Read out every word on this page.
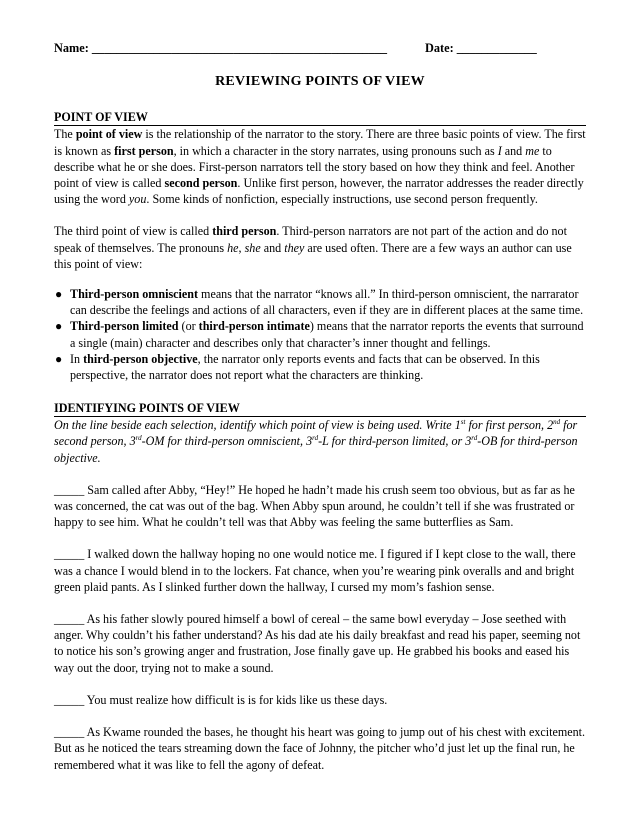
Name: ________________________________________________	Date: _____________
REVIEWING POINTS OF VIEW
POINT OF VIEW

The point of view is the relationship of the narrator to the story. There are three basic points of view. The first is known as first person, in which a character in the story narrates, using pronouns such as I and me to describe what he or she does. First-person narrators tell the story based on how they think and feel. Another point of view is called second person. Unlike first person, however, the narrator addresses the reader directly using the word you. Some kinds of nonfiction, especially instructions, use second person frequently.

The third point of view is called third person. Third-person narrators are not part of the action and do not speak of themselves. The pronouns he, she and they are used often. There are a few ways an author can use this point of view:

● Third-person omniscient means that the narrator “knows all.” In third-person omniscient, the narrarator can describe the feelings and actions of all characters, even if they are in different places at the same time.
● Third-person limited (or third-person intimate) means that the narrator reports the events that surround a single (main) character and describes only that character’s inner thought and fellings.
● In third-person objective, the narrator only reports events and facts that can be observed. In this perspective, the narrator does not report what the characters are thinking.
IDENTIFYING POINTS OF VIEW

On the line beside each selection, identify which point of view is being used. Write 1st for first person, 2nd for second person, 3rd-OM for third-person omniscient, 3rd-L for third-person limited, or 3rd-OB for third-person objective.

_____ Sam called after Abby, “Hey!” He hoped he hadn’t made his crush seem too obvious, but as far as he was concerned, the cat was out of the bag. When Abby spun around, he couldn’t tell if she was frustrated or happy to see him. What he couldn’t tell was that Abby was feeling the same butterflies as Sam.

_____ I walked down the hallway hoping no one would notice me. I figured if I kept close to the wall, there was a chance I would blend in to the lockers. Fat chance, when you’re wearing pink overalls and and bright green plaid pants. As I slinked further down the hallway, I cursed my mom’s fashion sense.

_____ As his father slowly poured himself a bowl of cereal – the same bowl everyday – Jose seethed with anger. Why couldn’t his father understand? As his dad ate his daily breakfast and read his paper, seeming not to notice his son’s growing anger and frustration, Jose finally gave up. He grabbed his books and eased his way out the door, trying not to make a sound.

_____ You must realize how difficult is is for kids like us these days.

_____ As Kwame rounded the bases, he thought his heart was going to jump out of his chest with excitement. But as he noticed the tears streaming down the face of Johnny, the pitcher who’d just let up the final run, he remembered what it was like to fell the agony of defeat.
